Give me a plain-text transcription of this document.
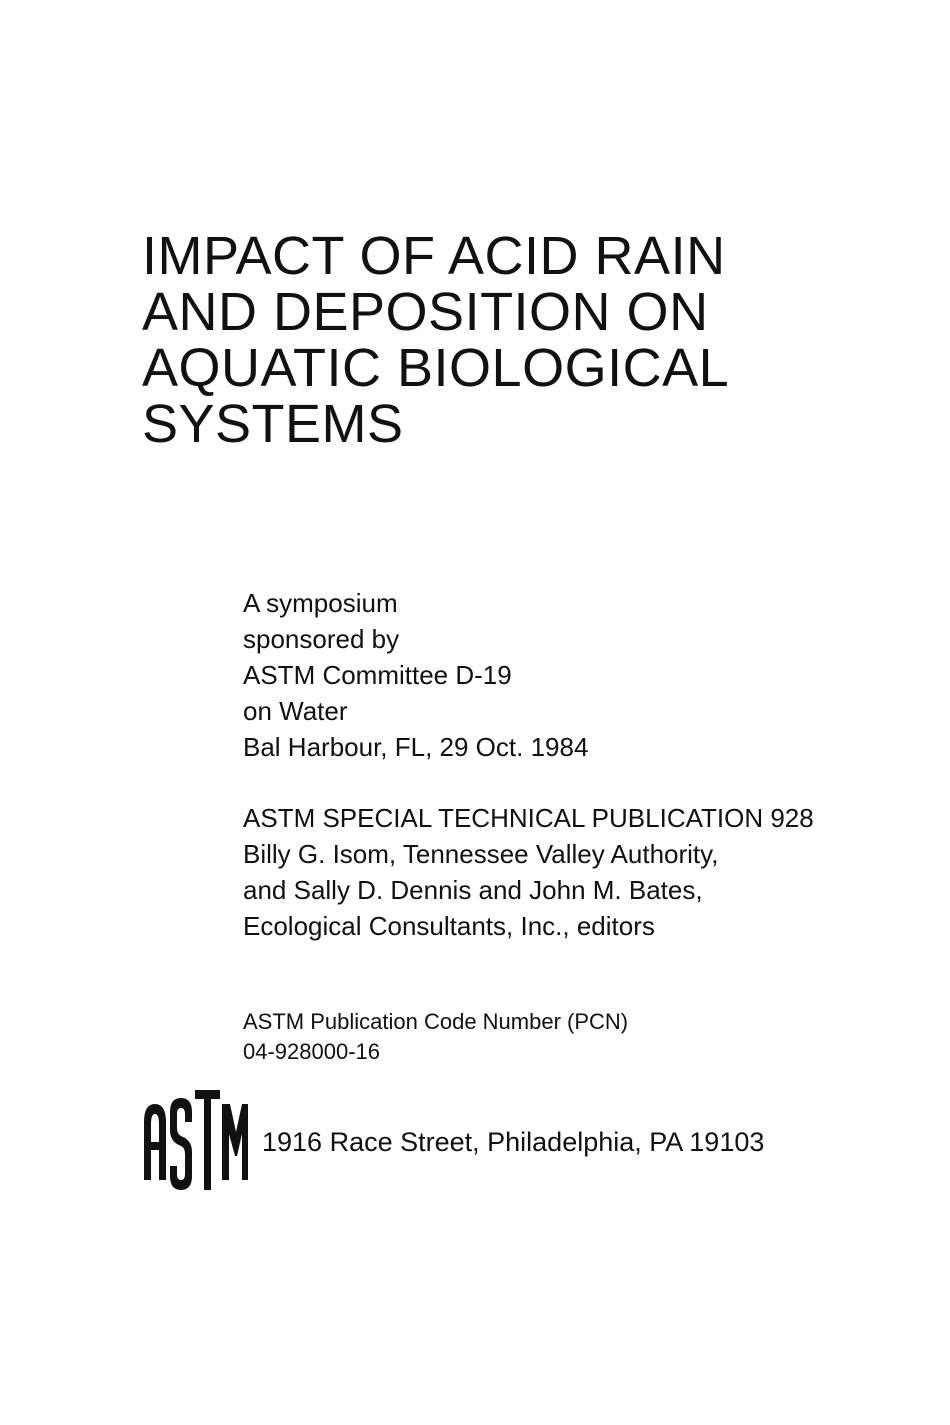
IMPACT OF ACID RAIN
AND DEPOSITION ON
AQUATIC BIOLOGICAL
SYSTEMS
A symposium
sponsored by
ASTM Committee D-19
on Water
Bal Harbour, FL, 29 Oct. 1984
ASTM SPECIAL TECHNICAL PUBLICATION 928
Billy G. Isom, Tennessee Valley Authority,
and Sally D. Dennis and John M. Bates,
Ecological Consultants, Inc., editors
ASTM Publication Code Number (PCN)
04-928000-16
1916 Race Street, Philadelphia, PA 19103
